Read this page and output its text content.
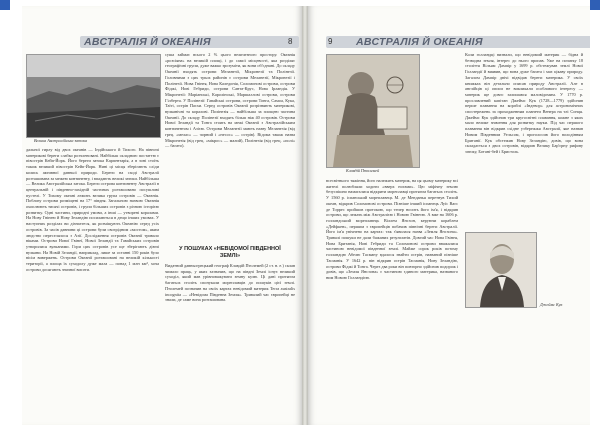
АВСТРАЛІЯ Й ОКЕАНІЯ	8
Велика Австралійська затока

дальної гирлу від двох океанів — Індійського й Тихого. На півночі материкові береги слабко розчленовані. Найбільш складною постаттю є півострів Кейп-Йорк. Його береги затока Карпентарія, а в зоні стоїть також великий півострів Кейп-Йорк. Нині ці місця зберігають сліди колись активної давньої природи. Береги на сході Австралії розташована за межею континенту, і впадають великі затоки. Найбільша — Велика Австралійська затока. Береги острова континенту Австралії в центральній і південно-західній частинах розташовано посушливі пустелі. У Тихому океані лежить велика група островів — Океанія. Поблизу острови розміщені на 17° півдня. Загальною назвою Океанія охоплюють тисячі островів, i групи більших островів з різною історією розвитку. Одні частини, природні умови, а інші — утворені коралами. На Нову Гвінею й Нову Зеландію посилаються в дещо інших умовах. У наступних розділах ви дізнаєтеся, як розміщують Океанію серед усіх островів. За часів давнини ці острови були своєрідним «мостом», яким людство переселялося з Азії. Дослідження островів Океанії тривало віками. Острови Нової Гвінеї, Нової Зеландії та Гавайських островів утворилися вулканами. Гори цих островів усе ще зберігають діючі вулкани. На Новій Зеландії, наприклад, лише за останні 150 років було вісім вивержень. Острови Океанії розташовані на великій кількості території, а площа їх суходолу дуже мала — понад 1 млн км², хоча острови досягають значної висоти.

суша займає всього 2 % цього величезного простору. Океанія «розсіяна» на великій площі, і до самої місцевості, яка розділяє географічні групи, дуже важко зрозуміти, як вони об'єднані. До складу Океанії входять острови Меланезії, Мікронезії та Полінезії. Головними з цих трьох районів є острови Меланезії, Мікронезії і Полінезії. Нова Гвінея, Нова Каледонія, Соломонові острови, острови Фіджі, Нові Гебриди, острови Санта-Крус, Нова Ірландія. У Мікронезії: Маріанські, Каролінські, Маршаллові острови, острови Гілберта. У Полінезії: Гавайські острови, острови Тонга, Самоа, Кука, Таїті, острів Пасхи. Серед островів Океанії розрізняють материкові, вулканічні та коралові. Полінезія — найбільша за площею частина Океанії. До складу Полінезії входять більш ніж 40 островів. Острови Нової Зеландії та Тонга стоять на межі Океанії з Австралійським континентом і Азією. Острови Меланезії мають назву Меланезія (від грец. «мелас» — чорний і «несос» — острів). Відома також назва Мікронезія (від грец. «мікрос» — малий), Полінезія (від грец. «полі» — багато).

У ПОШУКАХ «НЕВІДОМОЇ ПІВДЕННОЇ ЗЕМЛІ»

Видатний давньогрецький географ Клавдій Птолемей (2 ст. н. е.) склав чимало праць, у яких зазначив, що на півдні Землі існує великий суходіл, який мав урівноважувати земну кулю. Ці дані протягом багатьох століть спонукали мореплавців до пошуків цієї землі. Птолемей позначив на своїх картах невідомий материк Terra australis incognita — «Невідома Південна Земля». Тривалий час європейці не знали, де саме вона розташована.

АВСТРАЛІЯ Й ОКЕАНІЯ
9
Клавдій Птолемей

всесвітнього тяжіння, його належить материк, на ця цьому материку всі жителі полюбляли ходити «вверх ногами». Цю міфічну землю безуспішно намагалися відкрити мореплавці протягом багатьох століть. У 1560 р. іспанський мореплавець М. де Менданья перетнув Тихий океан, відкрив Соломонові острови. Пізніше інший іспанець Луїс Ваєс де Торрес пройшов протокою, що тепер носить його ім'я, і відкрив острови, що лежать між Австралією і Новою Гвінеєю. А вже на 1606 р. голландський мореплавець Віллем Янсзон, керуючи кораблем «Дейфкен», першим з європейців побачив північні береги Австралії. Його ім'я увічнено на картах: так з'явилася назва «Земля Янсзона». Тривалі пошуки не дали бажаних результатів. Довгий час Нова Гвінея, Нова Британія, Нові Гебриди та Соломонові острови вважалися частиною невідомої південної землі. Майже сорок років потому голландцю Абелю Тасману вдалося знайти острів, названий пізніше Тасманія. У 1642 р. він відкрив острів Тасманія, Нову Зеландію, острови Фіджі й Тонга. Через два роки він повторно здійснив подорож і довів, що «Земля Янсзона» є частиною єдиного материка, названого ним Новою Голландією.

Коли голландці визнали, що невідомий материк — бідна й безводна земля, інтерес до нього пропав. Уже на початку 18 століття Вільям Дампір у 1699 р. обстежував землі Нової Голландії й виявив, що вона дуже багата і має цікаву природу. Загалом Дампір двічі відвідав береги материка. У своїх книжках він детально описав природу Австралії. Але в англійців ці описи не викликали особливого інтересу — материк ще довго залишався маловідомим. У 1770 р. прославлений капітан Джеймс Кук (1728—1779) здійснив перше плавання на кораблі «Індевор» для астрономічних спостережень за проходженням планети Венера на тлі Сонця. Джеймс Кук здійснив три кругосвітні плавання, кожне з яких мало велике значення для розвитку науки. Під час першого плавання він відкрив східне узбережжя Австралії, яке назвав Новим Південним Уельсом, і проголосив його володінням Британії. Кук обстежив Нову Зеландію, довів, що вона складається з двох островів, відкрив Велику Бар'єрну рифову затоку, Ботані-бей і Бристоль.

Джеймс Кук
